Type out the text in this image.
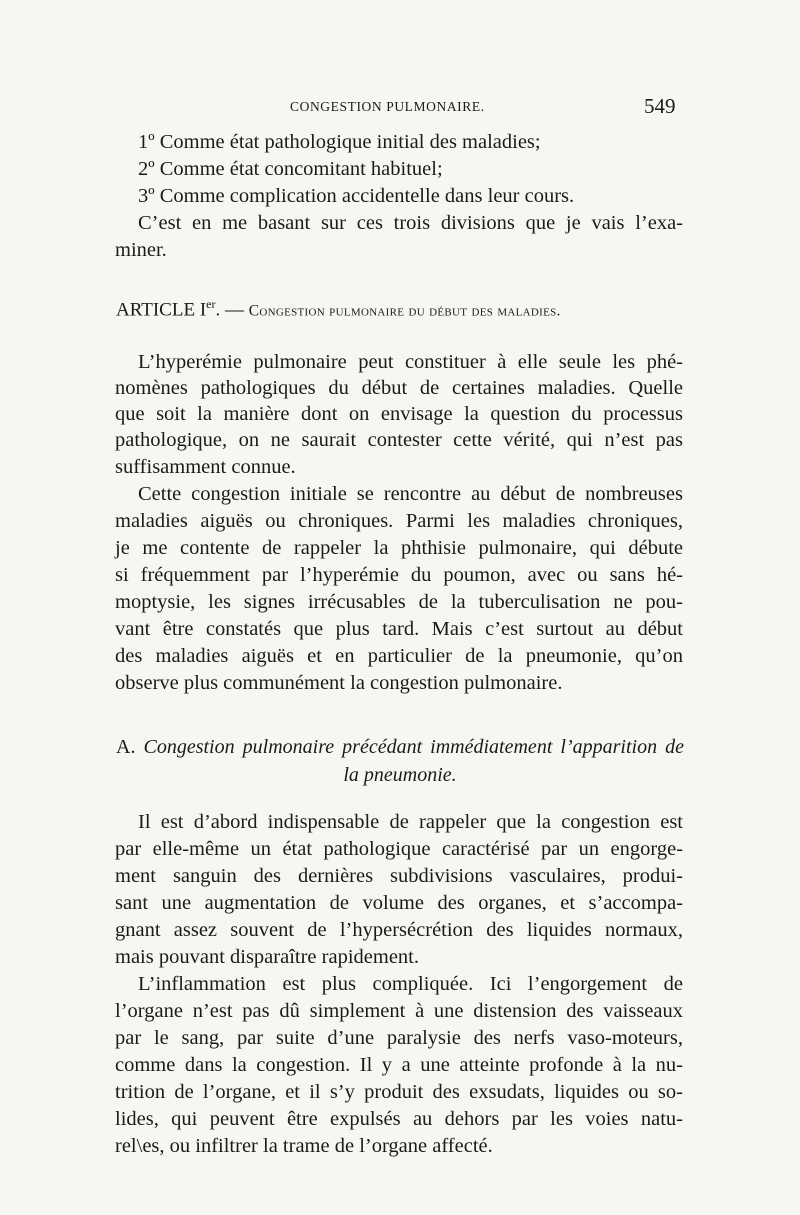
CONGESTION PULMONAIRE.	549
1º Comme état pathologique initial des maladies;
2º Comme état concomitant habituel;
3º Comme complication accidentelle dans leur cours.
C’est en me basant sur ces trois divisions que je vais l’exa-
miner.
ARTICLE Ier. — Congestion pulmonaire du début des maladies.
L’hyperémie pulmonaire peut constituer à elle seule les phé-
nomènes pathologiques du début de certaines maladies. Quelle
que soit la manière dont on envisage la question du processus
pathologique, on ne saurait contester cette vérité, qui n’est pas
suffisamment connue.
Cette congestion initiale se rencontre au début de nombreuses
maladies aiguës ou chroniques. Parmi les maladies chroniques,
je me contente de rappeler la phthisie pulmonaire, qui débute
si fréquemment par l’hyperémie du poumon, avec ou sans hé-
moptysie, les signes irrécusables de la tuberculisation ne pou-
vant être constatés que plus tard. Mais c’est surtout au début
des maladies aiguës et en particulier de la pneumonie, qu’on
observe plus communément la congestion pulmonaire.
A. Congestion pulmonaire précédant immédiatement l’apparition de la pneumonie.
Il est d’abord indispensable de rappeler que la congestion est
par elle-même un état pathologique caractérisé par un engorge-
ment sanguin des dernières subdivisions vasculaires, produi-
sant une augmentation de volume des organes, et s’accompa-
gnant assez souvent de l’hypersécrétion des liquides normaux,
mais pouvant disparaître rapidement.
L’inflammation est plus compliquée. Ici l’engorgement de
l’organe n’est pas dû simplement à une distension des vaisseaux
par le sang, par suite d’une paralysie des nerfs vaso-moteurs,
comme dans la congestion. Il y a une atteinte profonde à la nu-
trition de l’organe, et il s’y produit des exsudats, liquides ou so-
lides, qui peuvent être expulsés au dehors par les voies natu-
rel\es, ou infiltrer la trame de l’organe affecté.
